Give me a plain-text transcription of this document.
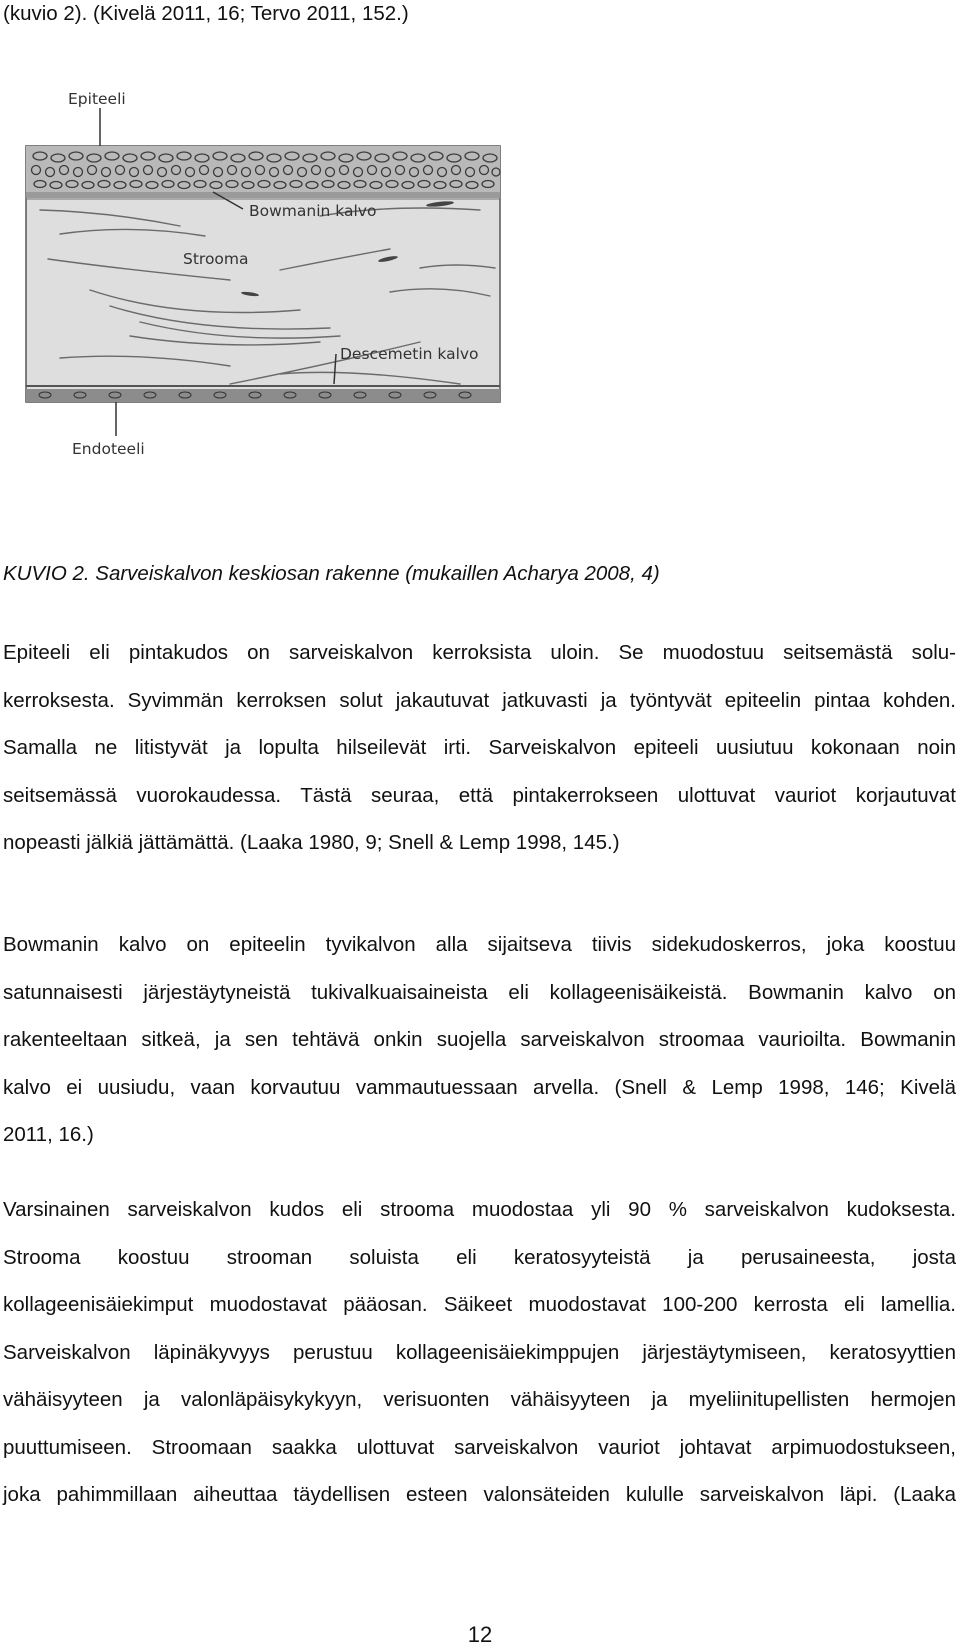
(kuvio 2). (Kivelä 2011, 16; Tervo 2011, 152.)
Epiteeli
Bowmanin kalvo
Strooma
Descemetin kalvo
Endoteeli
KUVIO 2. Sarveiskalvon keskiosan rakenne (mukaillen Acharya 2008, 4)
Epiteeli eli pintakudos on sarveiskalvon kerroksista uloin. Se muodostuu seitsemästä solu-
kerroksesta. Syvimmän kerroksen solut jakautuvat jatkuvasti ja työntyvät epiteelin pintaa kohden.
Samalla ne litistyvät ja lopulta hilseilevät irti. Sarveiskalvon epiteeli uusiutuu kokonaan noin
seitsemässä vuorokaudessa. Tästä seuraa, että pintakerrokseen ulottuvat vauriot korjautuvat
nopeasti jälkiä jättämättä. (Laaka 1980, 9; Snell & Lemp 1998, 145.)
Bowmanin kalvo on epiteelin tyvikalvon alla sijaitseva tiivis sidekudoskerros, joka koostuu
satunnaisesti järjestäytyneistä tukivalkuaisaineista eli kollageenisäikeistä. Bowmanin kalvo on
rakenteeltaan sitkeä, ja sen tehtävä onkin suojella sarveiskalvon stroomaa vaurioilta. Bowmanin
kalvo ei uusiudu, vaan korvautuu vammautuessaan arvella. (Snell & Lemp 1998, 146; Kivelä
2011, 16.)
Varsinainen sarveiskalvon kudos eli strooma muodostaa yli 90 % sarveiskalvon kudoksesta.
Strooma koostuu strooman soluista eli keratosyyteistä ja perusaineesta, josta
kollageenisäiekimput muodostavat pääosan. Säikeet muodostavat 100-200 kerrosta eli lamellia.
Sarveiskalvon läpinäkyvyys perustuu kollageenisäiekimppujen järjestäytymiseen, keratosyyttien
vähäisyyteen ja valonläpäisykykyyn, verisuonten vähäisyyteen ja myeliinitupellisten hermojen
puuttumiseen. Stroomaan saakka ulottuvat sarveiskalvon vauriot johtavat arpimuodostukseen,
joka pahimmillaan aiheuttaa täydellisen esteen valonsäteiden kululle sarveiskalvon läpi. (Laaka
12
